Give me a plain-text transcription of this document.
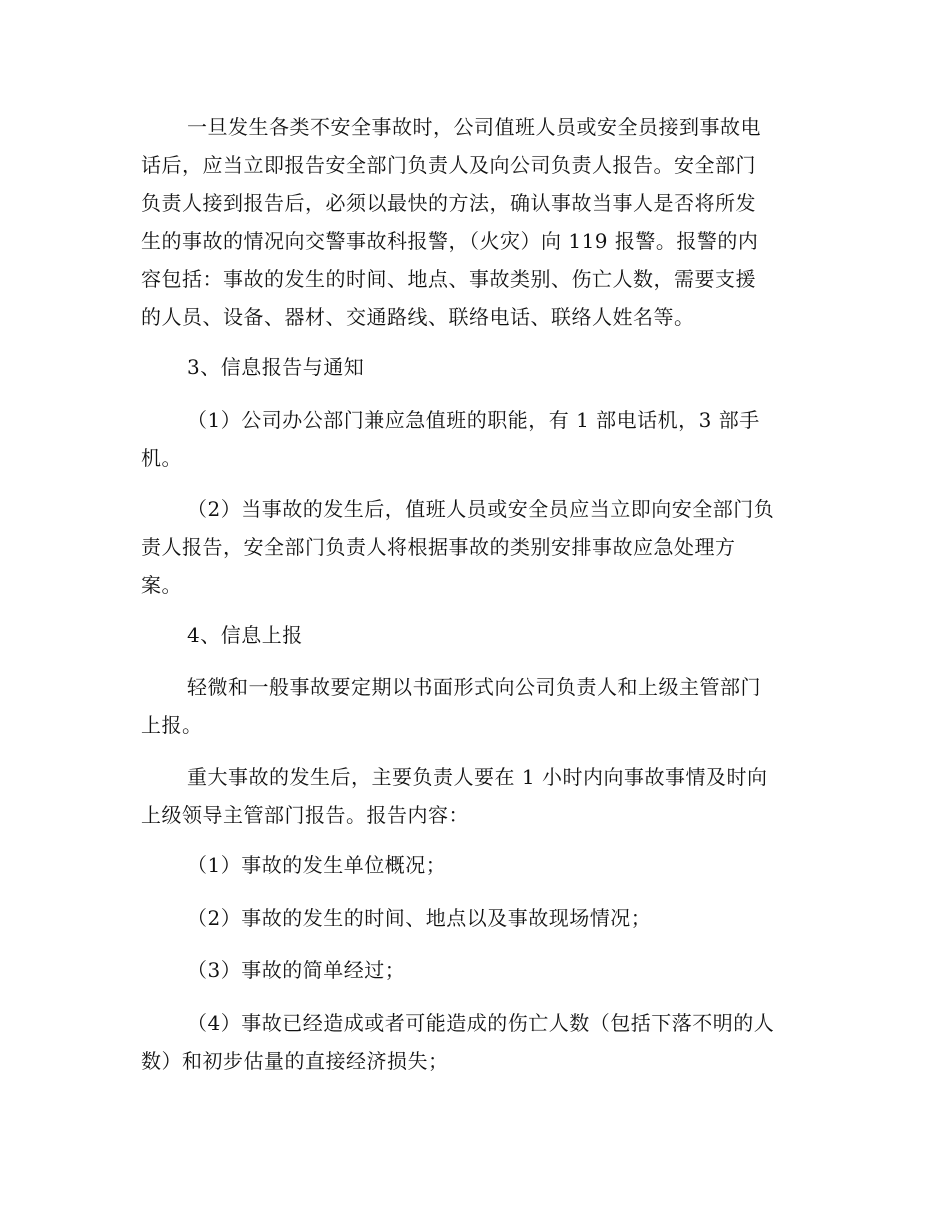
一旦发生各类不安全事故时，公司值班人员或安全员接到事故电
话后，应当立即报告安全部门负责人及向公司负责人报告。安全部门
负责人接到报告后，必须以最快的方法，确认事故当事人是否将所发
生的事故的情况向交警事故科报警，（火灾）向 119 报警。报警的内
容包括：事故的发生的时间、地点、事故类别、伤亡人数，需要支援
的人员、设备、器材、交通路线、联络电话、联络人姓名等。
3、信息报告与通知
（1）公司办公部门兼应急值班的职能，有 1 部电话机，3 部手
机。
（2）当事故的发生后，值班人员或安全员应当立即向安全部门负
责人报告，安全部门负责人将根据事故的类别安排事故应急处理方
案。
4、信息上报
轻微和一般事故要定期以书面形式向公司负责人和上级主管部门
上报。
重大事故的发生后，主要负责人要在 1 小时内向事故事情及时向
上级领导主管部门报告。报告内容：
（1）事故的发生单位概况；
（2）事故的发生的时间、地点以及事故现场情况；
（3）事故的简单经过；
（4）事故已经造成或者可能造成的伤亡人数（包括下落不明的人
数）和初步估量的直接经济损失；
